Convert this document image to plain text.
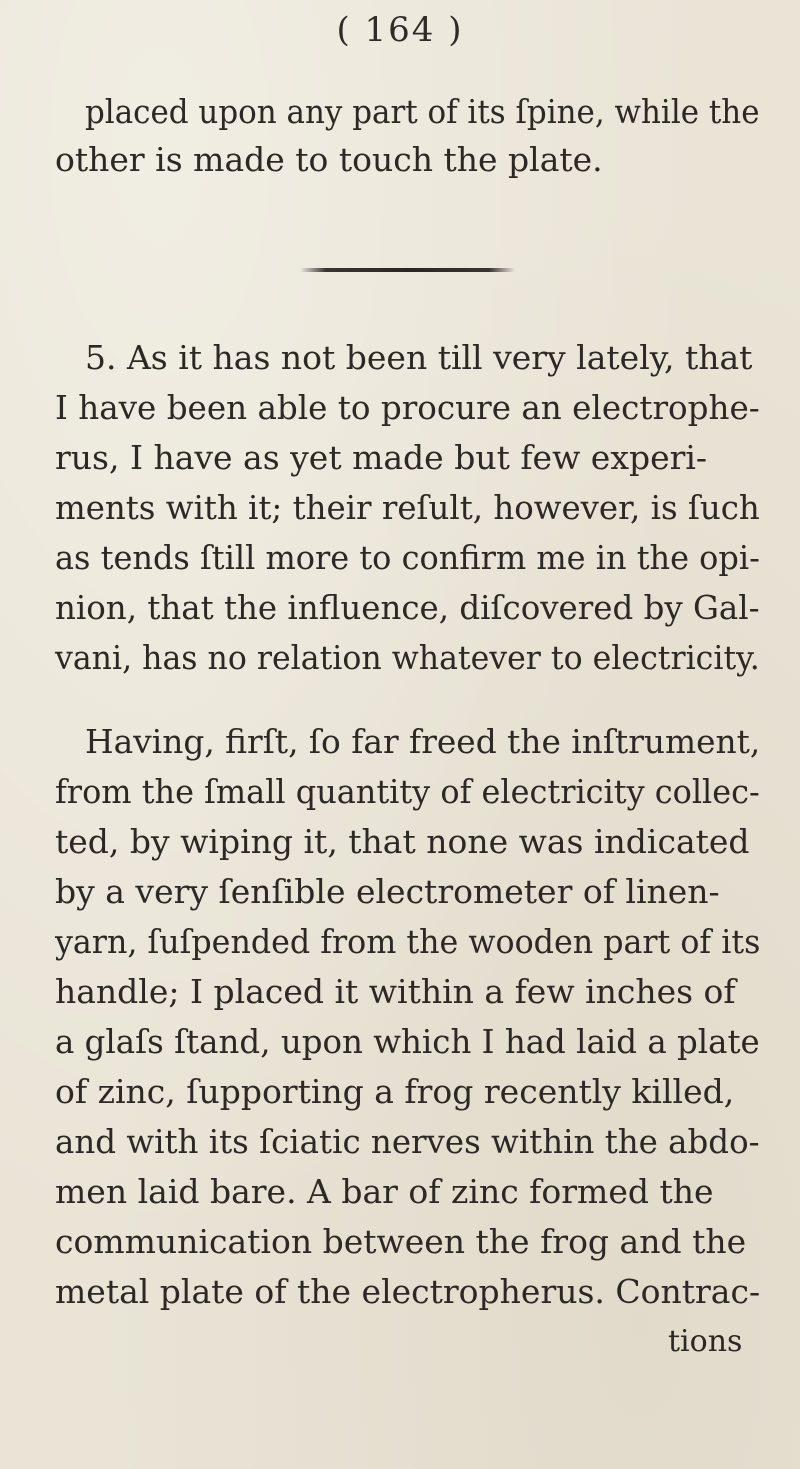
( 164 )
placed upon any part of its ſpine, while the
other is made to touch the plate.
5. As it has not been till very lately, that
I have been able to procure an electrophe-
rus, I have as yet made but few experi-
ments with it; their reſult, however, is ſuch
as tends ſtill more to confirm me in the opi-
nion, that the influence, diſcovered by Gal-
vani, has no relation whatever to electricity.
Having, firſt, ſo far freed the inſtrument,
from the ſmall quantity of electricity collec-
ted, by wiping it, that none was indicated
by a very ſenſible electrometer of linen-
yarn, ſuſpended from the wooden part of its
handle; I placed it within a few inches of
a glaſs ſtand, upon which I had laid a plate
of zinc, ſupporting a frog recently killed,
and with its ſciatic nerves within the abdo-
men laid bare. A bar of zinc formed the
communication between the frog and the
metal plate of the electropherus. Contrac-
tions
